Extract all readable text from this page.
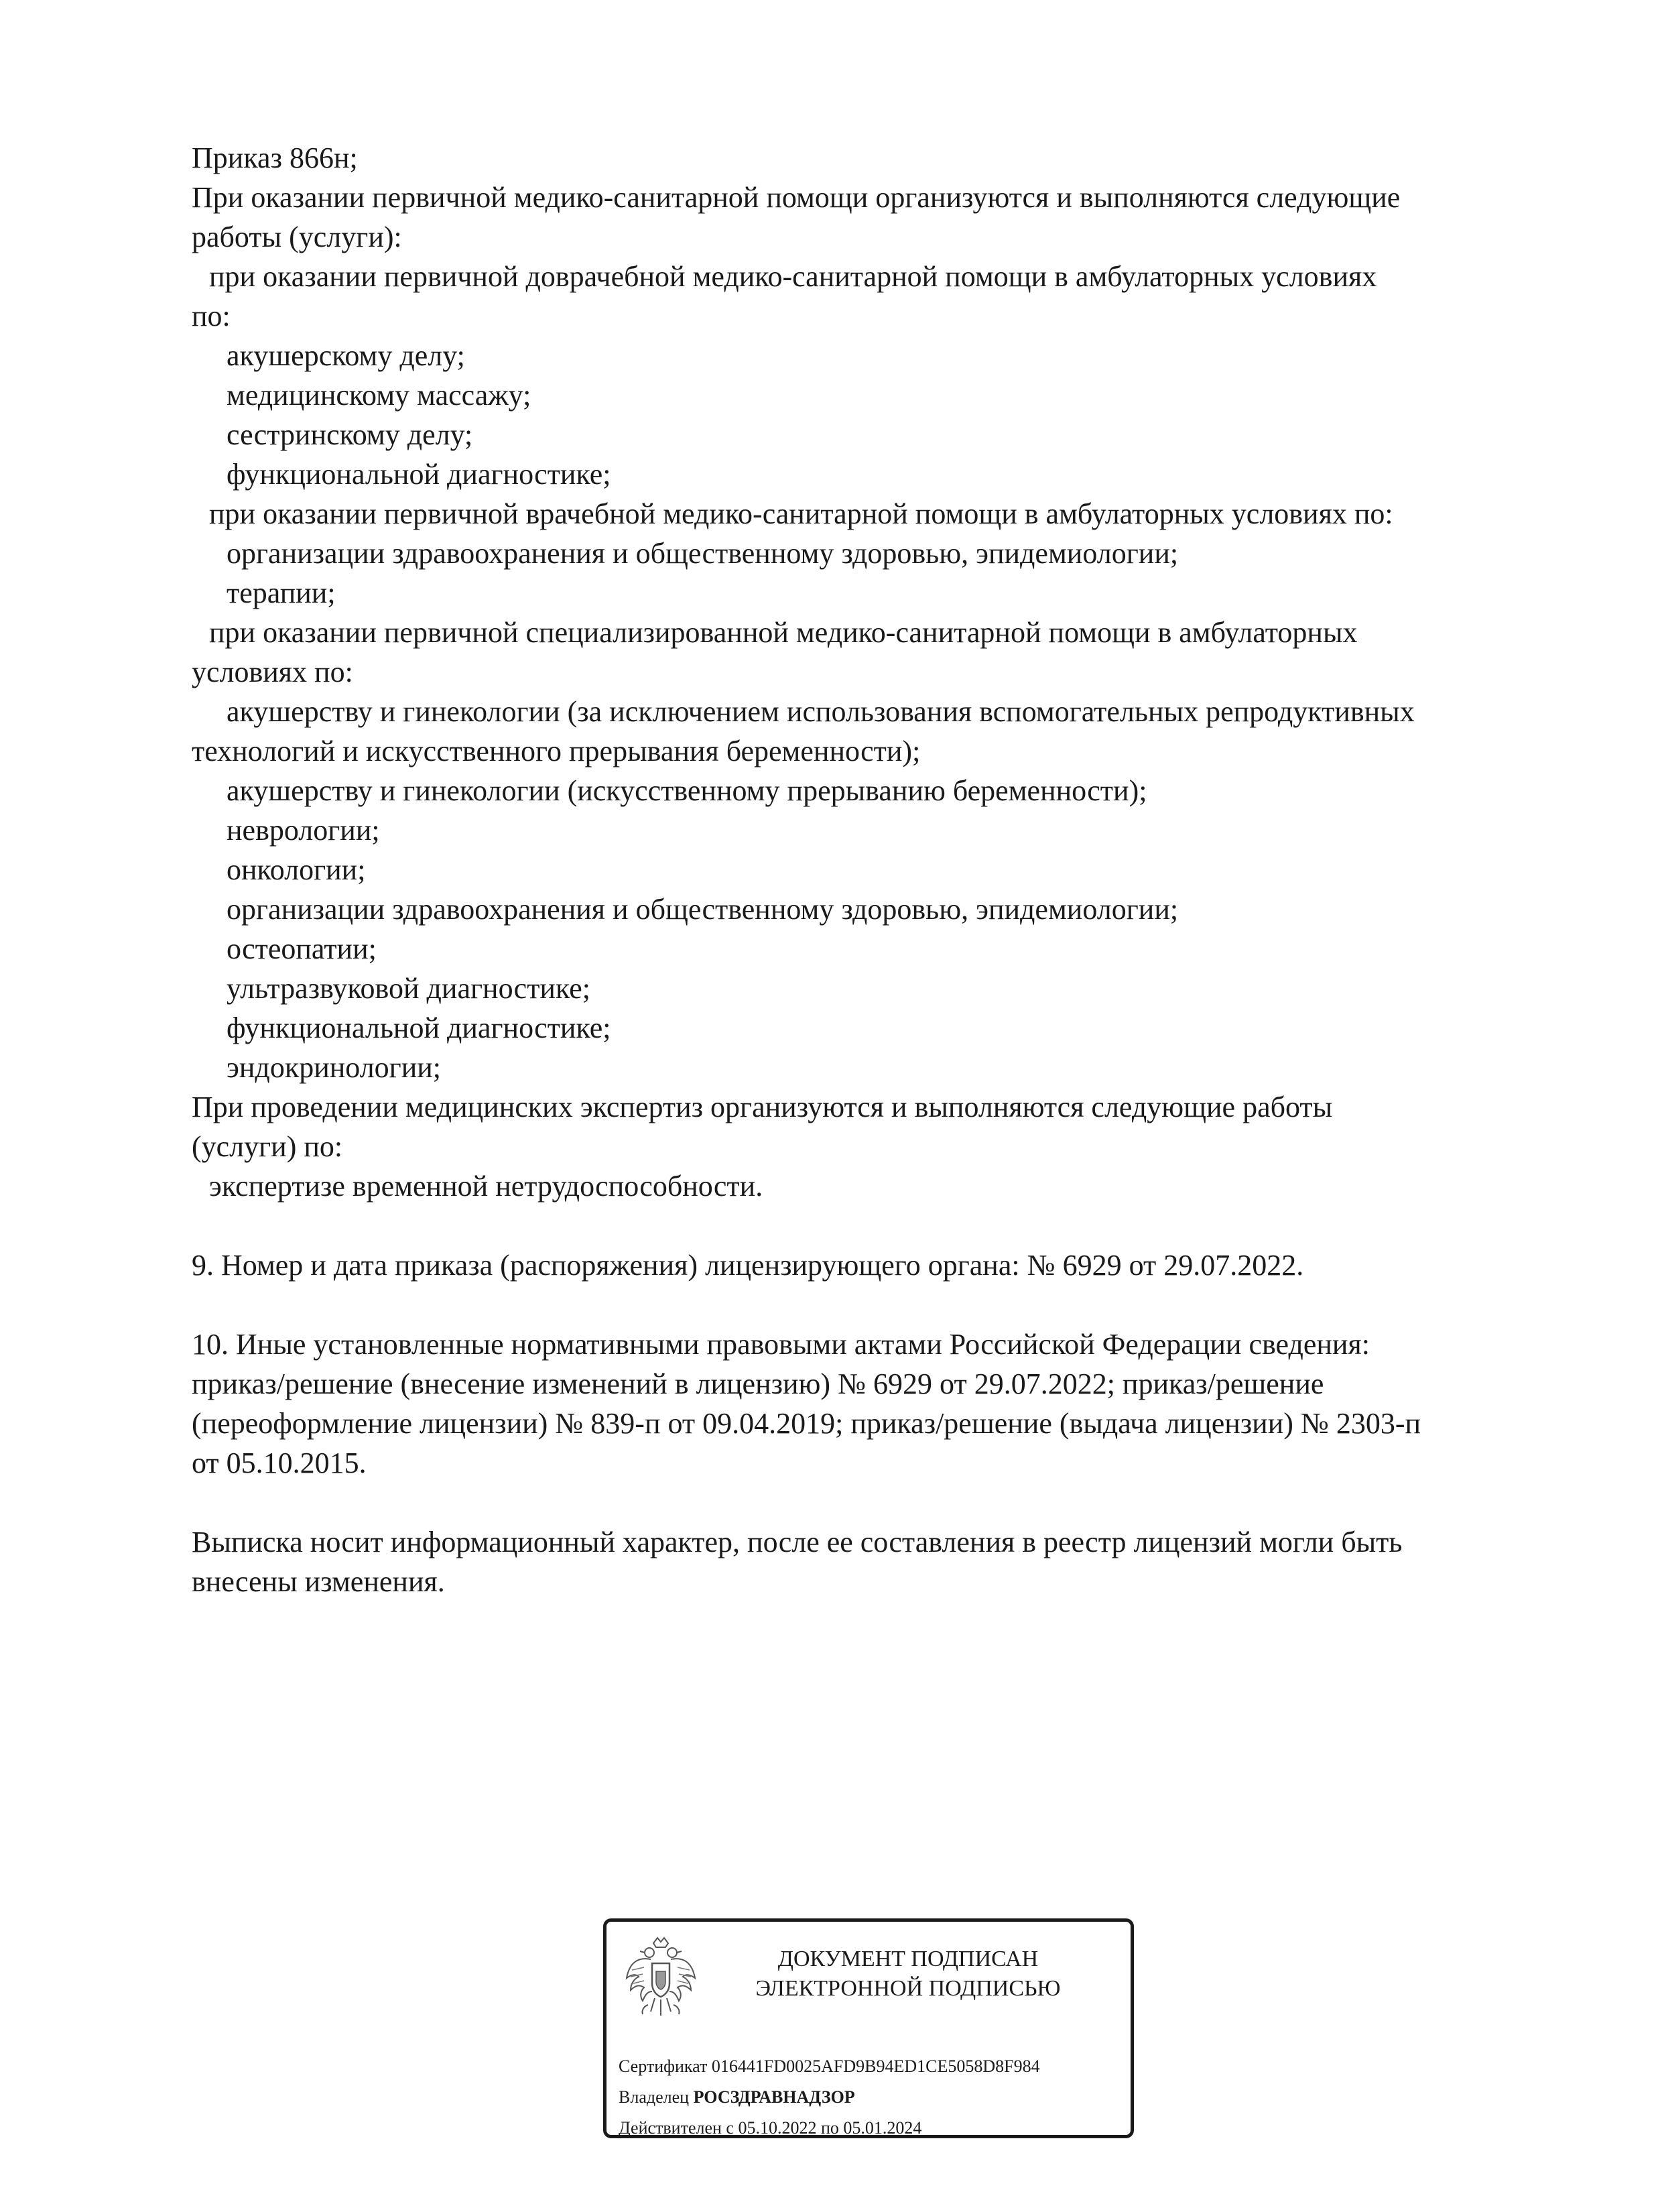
Приказ 866н;
При оказании первичной медико-санитарной помощи организуются и выполняются следующие
работы (услуги):
при оказании первичной доврачебной медико-санитарной помощи в амбулаторных условиях
по:
акушерскому делу;
медицинскому массажу;
сестринскому делу;
функциональной диагностике;
при оказании первичной врачебной медико-санитарной помощи в амбулаторных условиях по:
организации здравоохранения и общественному здоровью, эпидемиологии;
терапии;
при оказании первичной специализированной медико-санитарной помощи в амбулаторных
условиях по:
акушерству и гинекологии (за исключением использования вспомогательных репродуктивных
технологий и искусственного прерывания беременности);
акушерству и гинекологии (искусственному прерыванию беременности);
неврологии;
онкологии;
организации здравоохранения и общественному здоровью, эпидемиологии;
остеопатии;
ультразвуковой диагностике;
функциональной диагностике;
эндокринологии;
При проведении медицинских экспертиз организуются и выполняются следующие работы
(услуги) по:
экспертизе временной нетрудоспособности.
9. Номер и дата приказа (распоряжения) лицензирующего органа: № 6929 от 29.07.2022.
10. Иные установленные нормативными правовыми актами Российской Федерации сведения:
приказ/решение (внесение изменений в лицензию) № 6929 от 29.07.2022; приказ/решение
(переоформление лицензии) № 839-п от 09.04.2019; приказ/решение (выдача лицензии) № 2303-п
от 05.10.2015.
Выписка носит информационный характер, после ее составления в реестр лицензий могли быть
внесены изменения.
ДОКУМЕНТ ПОДПИСАН
ЭЛЕКТРОННОЙ ПОДПИСЬЮ
Сертификат 016441FD0025AFD9B94ED1CE5058D8F984
Владелец РОСЗДРАВНАДЗОР
Действителен с 05.10.2022 по 05.01.2024
